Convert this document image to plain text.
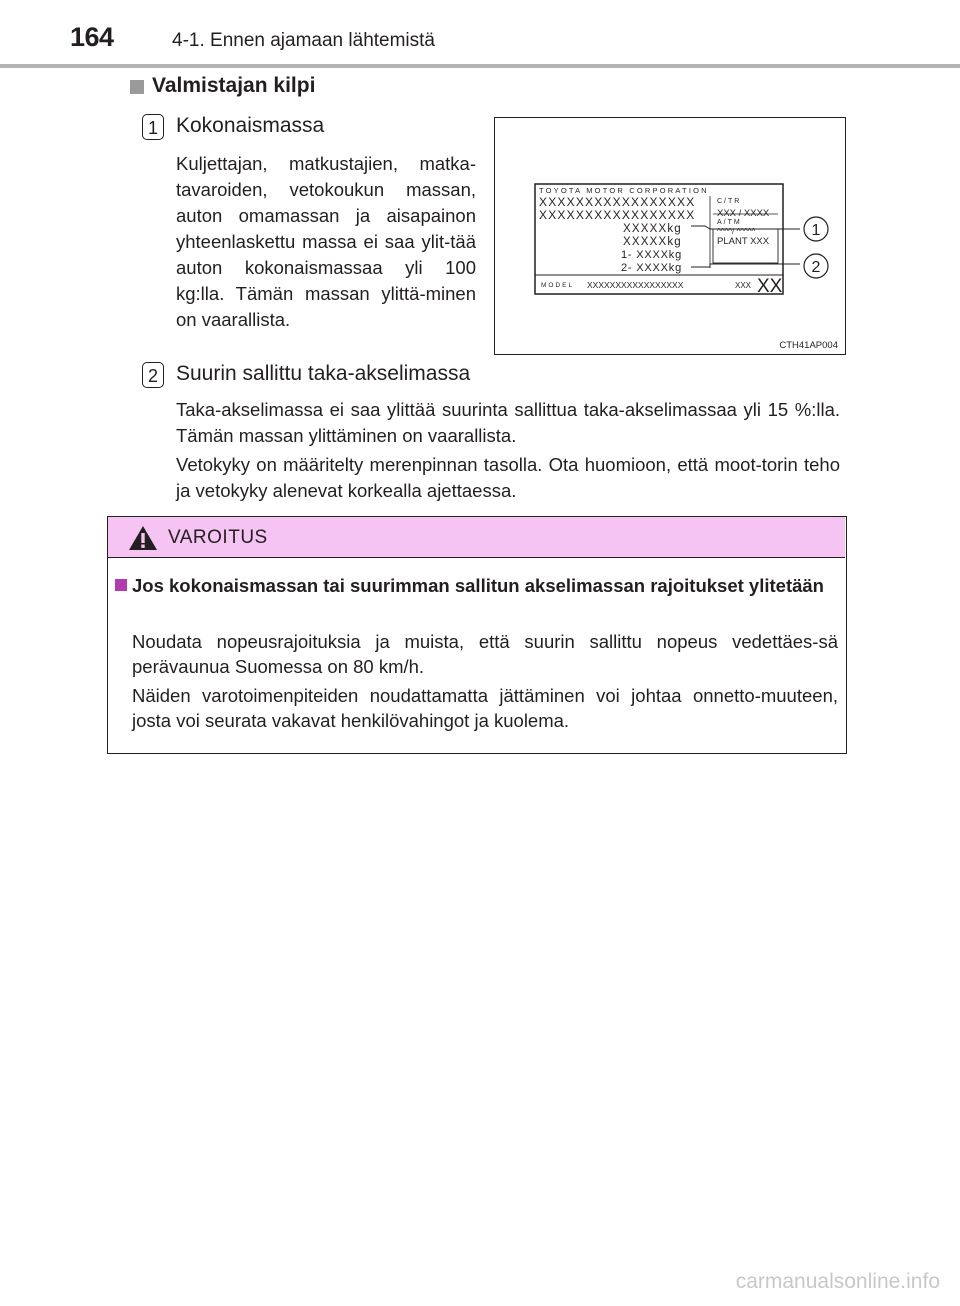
164	4-1. Ennen ajamaan lähtemistä
Valmistajan kilpi
1 Kokonaismassa
Kuljettajan, matkustajien, matka-tavaroiden, vetokoukun massan, auton omamassan ja aisapainon yhteenlaskettu massa ei saa ylit-tää auton kokonaismassaa yli 100 kg:lla. Tämän massan ylittä-minen on vaarallista.
TOYOTA MOTOR CORPORATION
XXXXXXXXXXXXXXXXX
XXXXXXXXXXXXXXXXX
XXXXXkg
XXXXXkg
1- XXXXkg
2- XXXXkg
C/TR
XXX / XXXX
A/TM
^^^^/ ^^^^^
PLANT XXX
MODEL XXXXXXXXXXXXXXXXX	XXX XX
1
2
CTH41AP004
2 Suurin sallittu taka-akselimassa
Taka-akselimassa ei saa ylittää suurinta sallittua taka-akselimassaa yli 15 %:lla. Tämän massan ylittäminen on vaarallista.
Vetokyky on määritelty merenpinnan tasolla. Ota huomioon, että moot-torin teho ja vetokyky alenevat korkealla ajettaessa.
VAROITUS
Jos kokonaismassan tai suurimman sallitun akselimassan rajoitukset ylitetään
Noudata nopeusrajoituksia ja muista, että suurin sallittu nopeus vedettäes-sä perävaunua Suomessa on 80 km/h.
Näiden varotoimenpiteiden noudattamatta jättäminen voi johtaa onnetto-muuteen, josta voi seurata vakavat henkilövahingot ja kuolema.
carmanualsonline.info
